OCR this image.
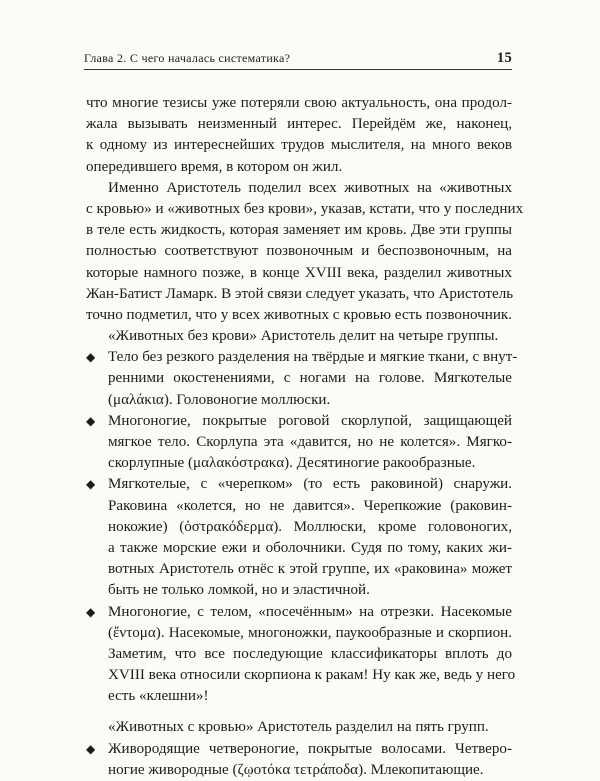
Глава 2. С чего началась систематика?	15
что многие тезисы уже потеряли свою актуальность, она продол-
жала вызывать неизменный интерес. Перейдём же, наконец,
к одному из интереснейших трудов мыслителя, на много веков
опередившего время, в котором он жил.
Именно Аристотель поделил всех животных на «животных
с кровью» и «животных без крови», указав, кстати, что у последних
в теле есть жидкость, которая заменяет им кровь. Две эти группы
полностью соответствуют позвоночным и беспозвоночным, на
которые намного позже, в конце XVIII века, разделил животных
Жан-Батист Ламарк. В этой связи следует указать, что Аристотель
точно подметил, что у всех животных с кровью есть позвоночник.
«Животных без крови» Аристотель делит на четыре группы.
◆ Тело без резкого разделения на твёрдые и мягкие ткани, с внут-
ренними окостенениями, с ногами на голове. Мягкотелые
(μαλάκια). Головоногие моллюски.
◆ Многоногие, покрытые роговой скорлупой, защищающей
мягкое тело. Скорлупа эта «давится, но не колется». Мягко-
скорлупные (μαλακόστρακα). Десятиногие ракообразные.
◆ Мягкотелые, с «черепком» (то есть раковиной) снаружи.
Раковина «колется, но не давится». Черепкожие (раковин-
нокожие) (ὀστρακόδερμα). Моллюски, кроме головоногих,
а также морские ежи и оболочники. Судя по тому, каких жи-
вотных Аристотель отнёс к этой группе, их «раковина» может
быть не только ломкой, но и эластичной.
◆ Многоногие, с телом, «посечённым» на отрезки. Насекомые
(ἔντομα). Насекомые, многоножки, паукообразные и скорпион.
Заметим, что все последующие классификаторы вплоть до
XVIII века относили скорпиона к ракам! Ну как же, ведь у него
есть «клешни»!
«Животных с кровью» Аристотель разделил на пять групп.
◆ Живородящие четвероногие, покрытые волосами. Четверо-
ногие живородные (ζῳοτόκα τετράποδα). Млекопитающие.
